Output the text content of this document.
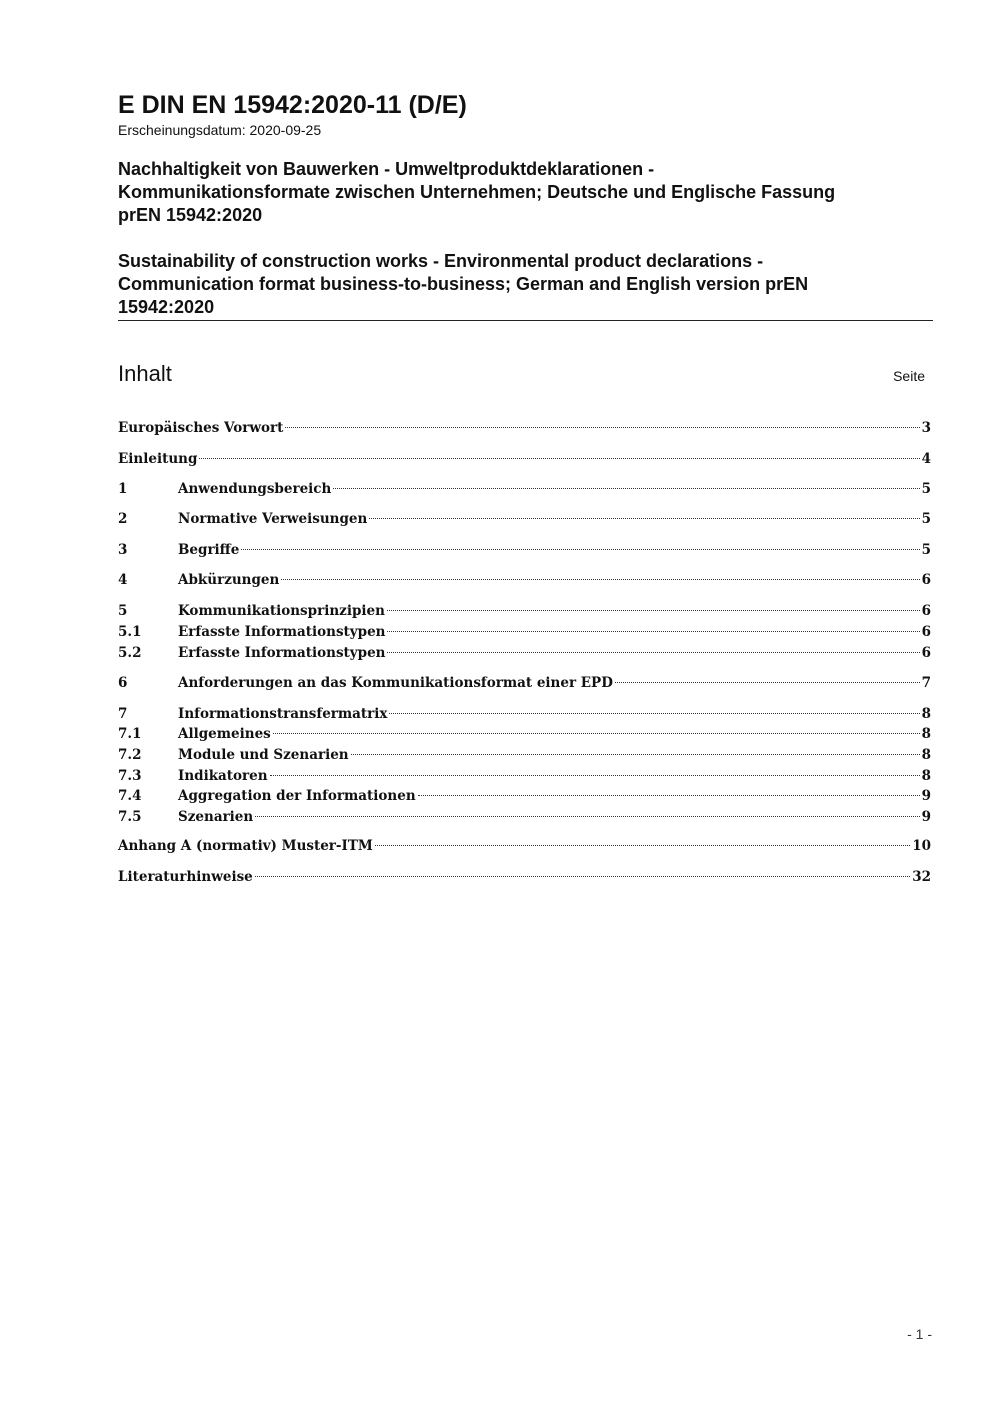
E DIN EN 15942:2020-11 (D/E)
Erscheinungsdatum: 2020-09-25
Nachhaltigkeit von Bauwerken - Umweltproduktdeklarationen -
Kommunikationsformate zwischen Unternehmen; Deutsche und Englische Fassung
prEN 15942:2020
Sustainability of construction works - Environmental product declarations -
Communication format business-to-business; German and English version prEN
15942:2020
Inhalt	Seite
Europäisches Vorwort	3
Einleitung	4
1	Anwendungsbereich	5
2	Normative Verweisungen	5
3	Begriffe	5
4	Abkürzungen	6
5	Kommunikationsprinzipien	6
5.1	Erfasste Informationstypen	6
5.2	Erfasste Informationstypen	6
6	Anforderungen an das Kommunikationsformat einer EPD	7
7	Informationstransfermatrix	8
7.1	Allgemeines	8
7.2	Module und Szenarien	8
7.3	Indikatoren	8
7.4	Aggregation der Informationen	9
7.5	Szenarien	9
Anhang A (normativ) Muster-ITM	10
Literaturhinweise	32
- 1 -
